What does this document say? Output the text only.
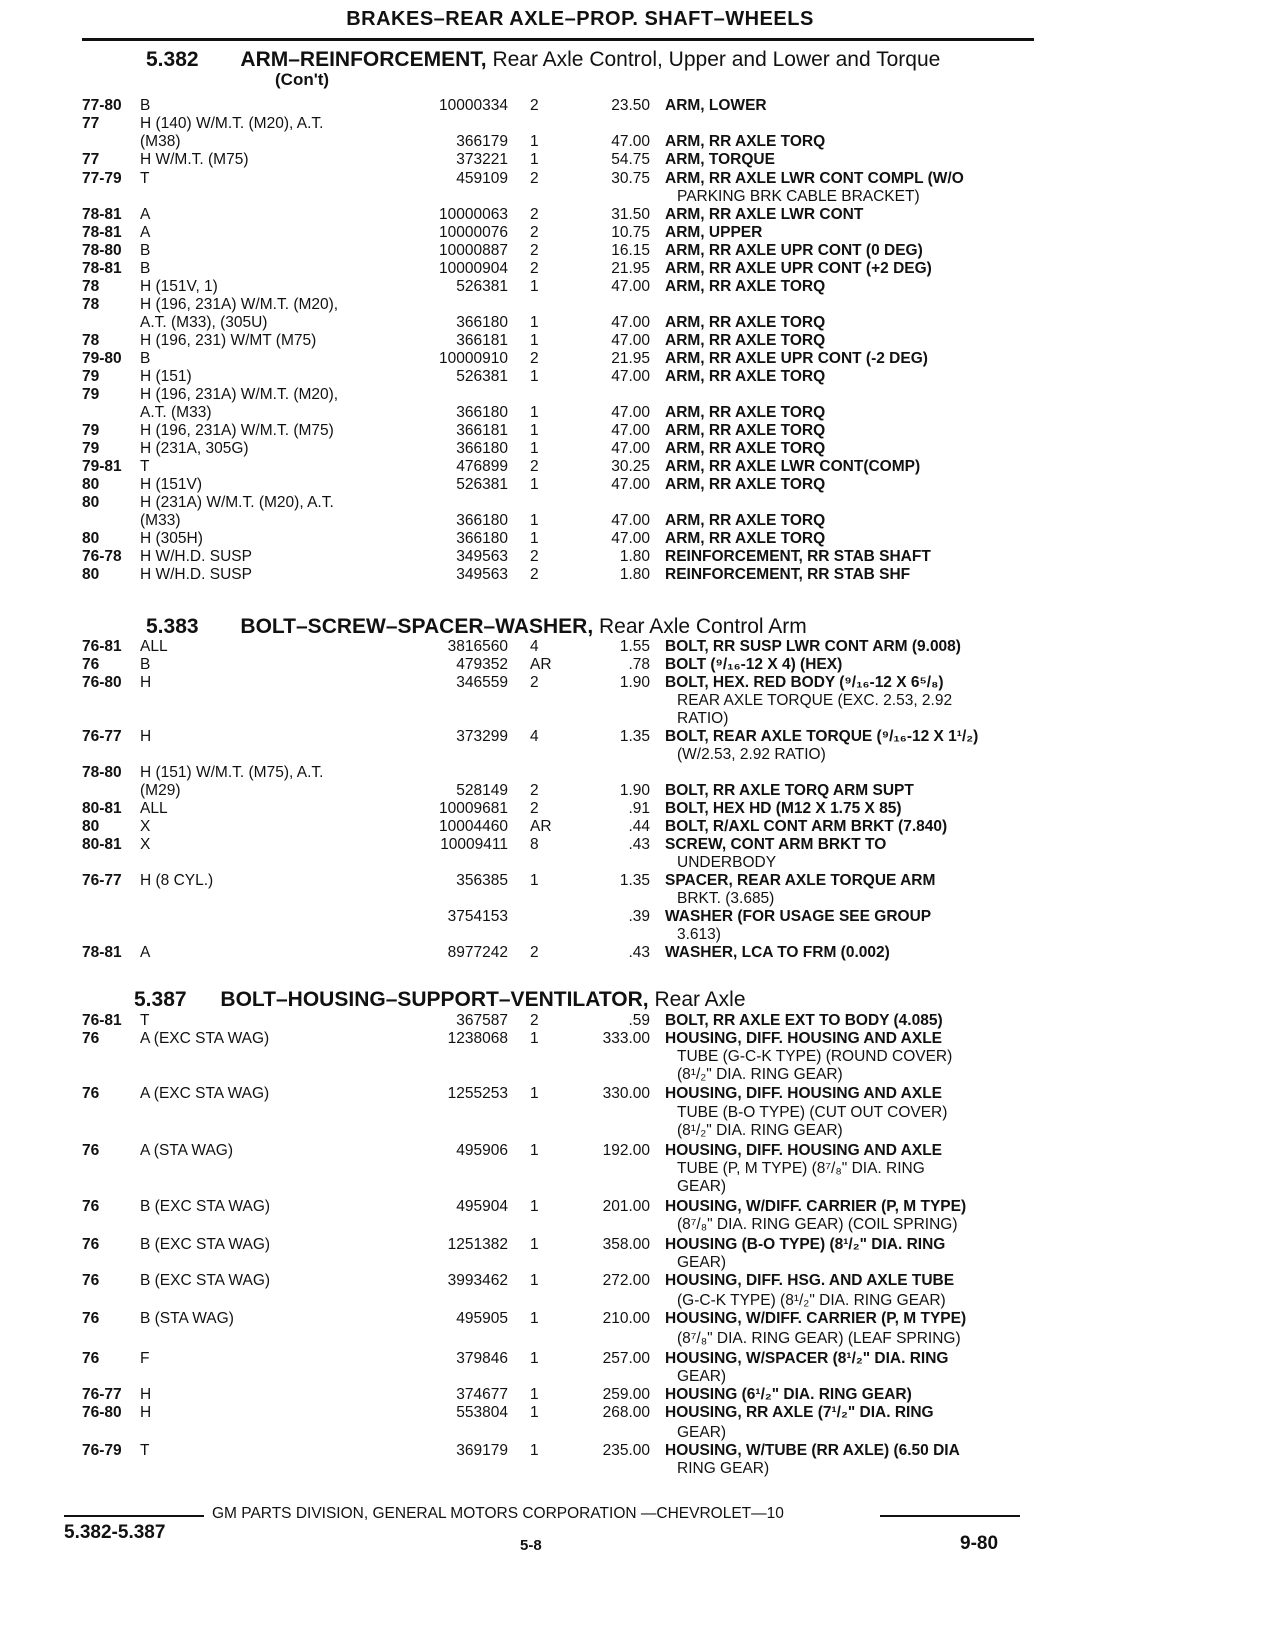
BRAKES–REAR AXLE–PROP. SHAFT–WHEELS
5.382 ARM–REINFORCEMENT, Rear Axle Control, Upper and Lower and Torque
(Con't)
5.383 BOLT–SCREW–SPACER–WASHER, Rear Axle Control Arm
5.387 BOLT–HOUSING–SUPPORT–VENTILATOR, Rear Axle
77-80	B	10000334 2	23.50 ARM, LOWER
77	H (140) W/M.T. (M20), A.T.
(M38)	366179 1	47.00 ARM, RR AXLE TORQ
77	H W/M.T. (M75)	373221 1	54.75 ARM, TORQUE
77-79	T	459109 2	30.75 ARM, RR AXLE LWR CONT COMPL (W/O
PARKING BRK CABLE BRACKET)
78-81	A	10000063 2	31.50 ARM, RR AXLE LWR CONT
78-81	A	10000076 2	10.75 ARM, UPPER
78-80	B	10000887 2	16.15 ARM, RR AXLE UPR CONT (0 DEG)
78-81	B	10000904 2	21.95 ARM, RR AXLE UPR CONT (+2 DEG)
78	H (151V, 1)	526381 1	47.00 ARM, RR AXLE TORQ
78	H (196, 231A) W/M.T. (M20),
A.T. (M33), (305U)	366180 1	47.00 ARM, RR AXLE TORQ
78	H (196, 231) W/MT (M75)	366181 1	47.00 ARM, RR AXLE TORQ
79-80	B	10000910 2	21.95 ARM, RR AXLE UPR CONT (-2 DEG)
79	H (151)	526381 1	47.00 ARM, RR AXLE TORQ
79	H (196, 231A) W/M.T. (M20),
A.T. (M33)	366180 1	47.00 ARM, RR AXLE TORQ
79	H (196, 231A) W/M.T. (M75)	366181 1	47.00 ARM, RR AXLE TORQ
79	H (231A, 305G)	366180 1	47.00 ARM, RR AXLE TORQ
79-81	T	476899 2	30.25 ARM, RR AXLE LWR CONT(COMP)
80	H (151V)	526381 1	47.00 ARM, RR AXLE TORQ
80	H (231A) W/M.T. (M20), A.T.
(M33)	366180 1	47.00 ARM, RR AXLE TORQ
80	H (305H)	366180 1	47.00 ARM, RR AXLE TORQ
76-78	H W/H.D. SUSP	349563 2	1.80 REINFORCEMENT, RR STAB SHAFT
80	H W/H.D. SUSP	349563 2	1.80 REINFORCEMENT, RR STAB SHF
76-81	ALL	3816560 4	1.55 BOLT, RR SUSP LWR CONT ARM (9.008)
76	B	479352 AR	.78 BOLT (⁹/₁₆-12 X 4) (HEX)
76-80	H	346559 2	1.90 BOLT, HEX. RED BODY (⁹/₁₆-12 X 6⁵/₈)
REAR AXLE TORQUE (EXC. 2.53, 2.92
RATIO)
76-77	H	373299 4	1.35 BOLT, REAR AXLE TORQUE (⁹/₁₆-12 X 1¹/₂)
(W/2.53, 2.92 RATIO)
78-80	H (151) W/M.T. (M75), A.T.
(M29)	528149 2	1.90 BOLT, RR AXLE TORQ ARM SUPT
80-81	ALL	10009681 2	.91 BOLT, HEX HD (M12 X 1.75 X 85)
80	X	10004460 AR	.44 BOLT, R/AXL CONT ARM BRKT (7.840)
80-81	X	10009411 8	.43 SCREW, CONT ARM BRKT TO
UNDERBODY
76-77	H (8 CYL.)	356385 1	1.35 SPACER, REAR AXLE TORQUE ARM
BRKT. (3.685)
3754153	.39 WASHER (FOR USAGE SEE GROUP
3.613)
78-81	A	8977242 2	.43 WASHER, LCA TO FRM (0.002)
76-81	T	367587 2	.59 BOLT, RR AXLE EXT TO BODY (4.085)
76	A (EXC STA WAG)	1238068 1	333.00 HOUSING, DIFF. HOUSING AND AXLE
TUBE (G-C-K TYPE) (ROUND COVER)
(8¹/₂" DIA. RING GEAR)
76	A (EXC STA WAG)	1255253 1	330.00 HOUSING, DIFF. HOUSING AND AXLE
TUBE (B-O TYPE) (CUT OUT COVER)
(8¹/₂" DIA. RING GEAR)
76	A (STA WAG)	495906 1	192.00 HOUSING, DIFF. HOUSING AND AXLE
TUBE (P, M TYPE) (8⁷/₈" DIA. RING
GEAR)
76	B (EXC STA WAG)	495904 1	201.00 HOUSING, W/DIFF. CARRIER (P, M TYPE)
(8⁷/₈" DIA. RING GEAR) (COIL SPRING)
76	B (EXC STA WAG)	1251382 1	358.00 HOUSING (B-O TYPE) (8¹/₂" DIA. RING
GEAR)
76	B (EXC STA WAG)	3993462 1	272.00 HOUSING, DIFF. HSG. AND AXLE TUBE
(G-C-K TYPE) (8¹/₂" DIA. RING GEAR)
76	B (STA WAG)	495905 1	210.00 HOUSING, W/DIFF. CARRIER (P, M TYPE)
(8⁷/₈" DIA. RING GEAR) (LEAF SPRING)
76	F	379846 1	257.00 HOUSING, W/SPACER (8¹/₂" DIA. RING
GEAR)
76-77	H	374677 1	259.00 HOUSING (6¹/₂" DIA. RING GEAR)
76-80	H	553804 1	268.00 HOUSING, RR AXLE (7¹/₂" DIA. RING
GEAR)
76-79	T	369179 1	235.00 HOUSING, W/TUBE (RR AXLE) (6.50 DIA
RING GEAR)
GM PARTS DIVISION, GENERAL MOTORS CORPORATION —CHEVROLET—10
5.382-5.387
5-8	9-80
